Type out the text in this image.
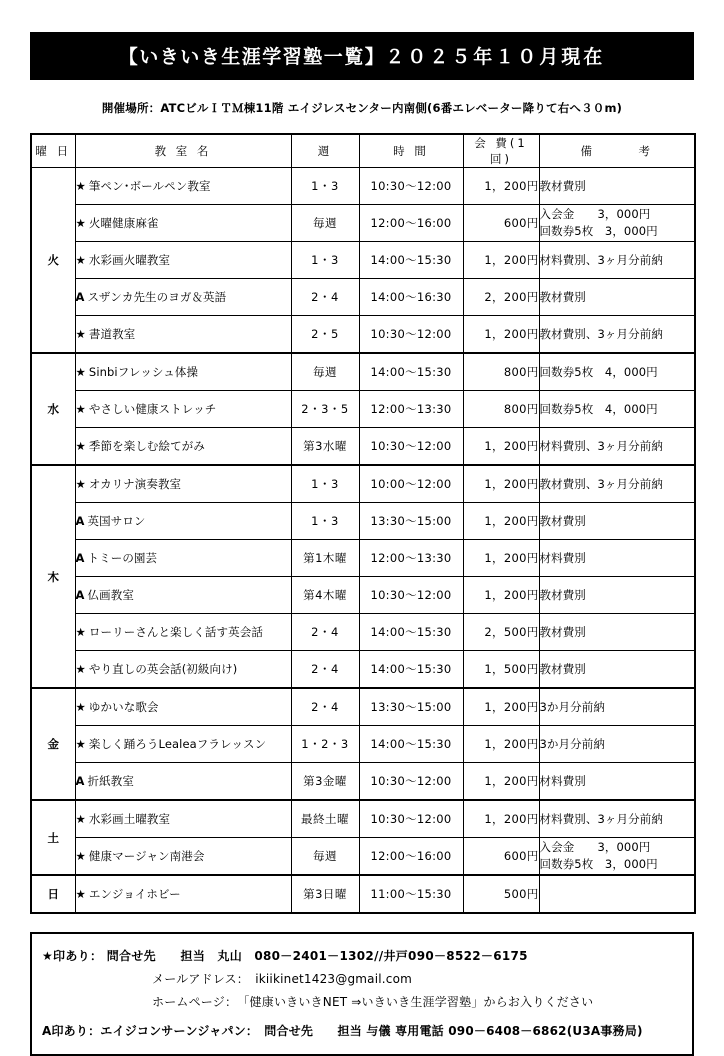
【いきいき生涯学習塾一覧】２０２５年１０月現在
開催場所：ATCビルＩＴＭ棟11階 エイジレスセンター内南側(6番エレベーター降りて右へ３０m)
曜 日	教 室 名	週	時 間	会 費(1回)	備　　　考
火	★ 筆ペン･ボールペン教室	1・3	10:30～12:00	1，200円	教材費別
	★ 火曜健康麻雀	毎週	12:00～16:00	600円	入会金　　3，000円
回数券5枚　3，000円

	★ 水彩画火曜教室	1・3	14:00～15:30	1，200円	材料費別、3ヶ月分前納
	A スザンカ先生のヨガ＆英語	2・4	14:00～16:30	2，200円	教材費別
	★ 書道教室	2・5	10:30～12:00	1，200円	教材費別、3ヶ月分前納
水	★ Sinbiフレッシュ体操	毎週	14:00～15:30	800円	回数券5枚　4，000円
	★ やさしい健康ストレッチ	2・3・5	12:00～13:30	800円	回数券5枚　4，000円
	★ 季節を楽しむ絵てがみ	第3水曜	10:30～12:00	1，200円	材料費別、3ヶ月分前納
木	★ オカリナ演奏教室	1・3	10:00～12:00	1，200円	教材費別、3ヶ月分前納
	A 英国サロン	1・3	13:30～15:00	1，200円	教材費別
	A トミーの園芸	第1木曜	12:00～13:30	1，200円	材料費別
	A 仏画教室	第4木曜	10:30～12:00	1，200円	教材費別
	★ ローリーさんと楽しく話す英会話	2・4	14:00～15:30	2，500円	教材費別
	★ やり直しの英会話(初級向け)	2・4	14:00～15:30	1，500円	教材費別
金	★ ゆかいな歌会	2・4	13:30～15:00	1，200円	3か月分前納
	★ 楽しく踊ろうLealeaフラレッスン	1・2・3	14:00～15:30	1，200円	3か月分前納
	A 折紙教室	第3金曜	10:30～12:00	1，200円	材料費別
土	★ 水彩画土曜教室	最終土曜	10:30～12:00	1，200円	材料費別、3ヶ月分前納
	★ 健康マージャン南港会	毎週	12:00～16:00	600円	入会金　　3，000円
回数券5枚　3，000円

日	★ エンジョイホビー	第3日曜	11:00～15:30	500円	
★印あり： 問合せ先　　担当　丸山　080－2401－1302//井戸090－8522－6175
メールアドレス：　ikiikinet1423@gmail.com
ホームページ：　「健康いきいきNET ⇒いきいき生涯学習塾」からお入りください
A印あり：エイジコンサーンジャパン：　問合せ先　　担当 与儀 専用電話 090－6408－6862(U3A事務局)
